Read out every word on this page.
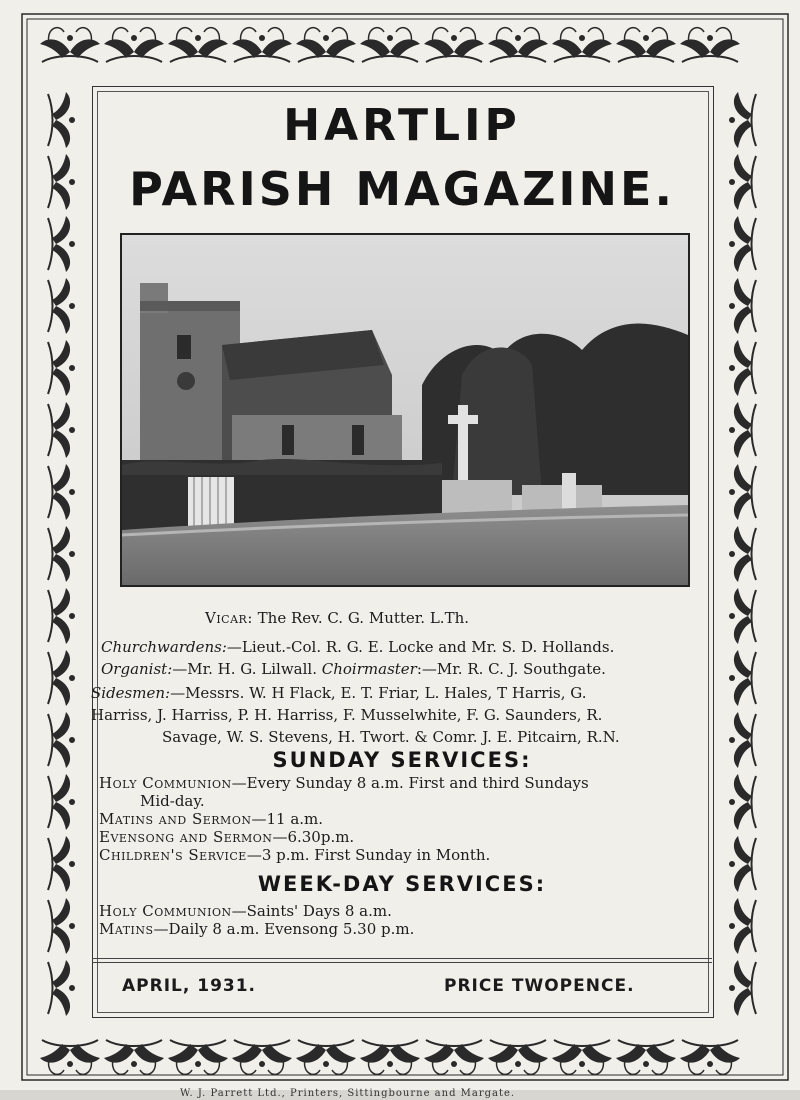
HARTLIP
PARISH MAGAZINE.
Vicar: The Rev. C. G. Mutter. L.Th.
Churchwardens:—Lieut.-Col. R. G. E. Locke and Mr. S. D. Hollands.
Organist:—Mr. H. G. Lilwall. Choirmaster:—Mr. R. C. J. Southgate.
Sidesmen:—Messrs. W. H Flack, E. T. Friar, L. Hales, T Harris, G.
Harriss, J. Harriss, P. H. Harriss, F. Musselwhite, F. G. Saunders, R.
Savage, W. S. Stevens, H. Twort. & Comr. J. E. Pitcairn, R.N.
SUNDAY SERVICES:
Holy Communion—Every Sunday 8 a.m. First and third Sundays
Mid-day.
Matins and Sermon—11 a.m.
Evensong and Sermon—6.30p.m.
Children's Service—3 p.m. First Sunday in Month.
WEEK-DAY SERVICES:
Holy Communion—Saints' Days 8 a.m.
Matins—Daily 8 a.m. Evensong 5.30 p.m.
APRIL, 1931.	PRICE TWOPENCE.
W. J. Parrett Ltd., Printers, Sittingbourne and Margate.
